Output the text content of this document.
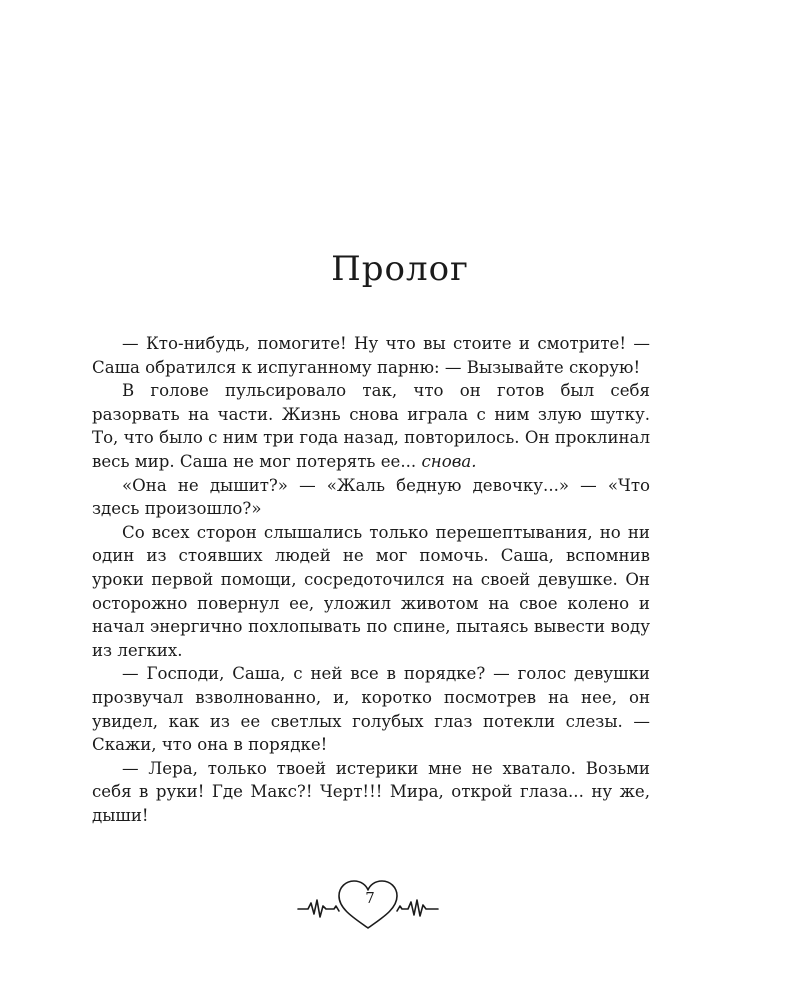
Пролог

— Кто-нибудь, помогите! Ну что вы стоите и смотрите! — Саша обратился к испуганному парню: — Вызывайте скорую!

В голове пульсировало так, что он готов был себя разорвать на части. Жизнь снова играла с ним злую шутку. То, что было с ним три года назад, повторилось. Он проклинал весь мир. Саша не мог потерять ее... снова.

«Она не дышит?» — «Жаль бедную девочку...» — «Что здесь произошло?»

Со всех сторон слышались только перешептывания, но ни один из стоявших людей не мог помочь. Саша, вспомнив уроки первой помощи, сосредоточился на своей девушке. Он осторожно повернул ее, уложил животом на свое колено и начал энергично похлопывать по спине, пытаясь вывести воду из легких.

— Господи, Саша, с ней все в порядке? — голос девушки прозвучал взволнованно, и, коротко посмотрев на нее, он увидел, как из ее светлых голубых глаз потекли слезы. — Скажи, что она в порядке!

— Лера, только твоей истерики мне не хватало. Возьми себя в руки! Где Макс?! Черт!!! Мира, открой глаза... ну же, дыши!

7
